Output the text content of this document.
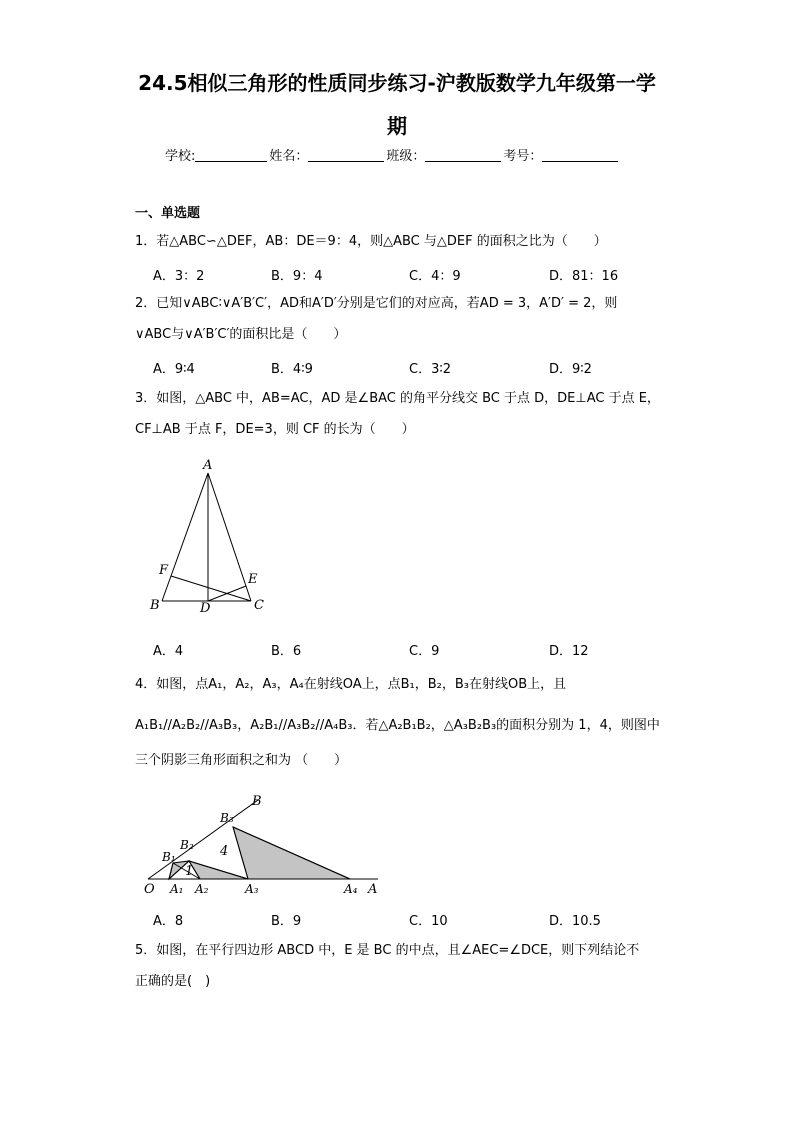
24.5相似三角形的性质同步练习-沪教版数学九年级第一学
期
学校:	姓名：	班级：	考号：
一、单选题
1．若△ABC∽△DEF，AB：DE＝9：4，则△ABC 与△DEF 的面积之比为（　　）
A．3：2	B．9：4	C．4：9	D．81：16
2．已知∨ABC∶∨A′B′C′，AD和A′D′分别是它们的对应高，若AD = 3，A′D′ = 2，则
∨ABC与∨A′B′C′的面积比是（　　）
A．9∶4	B．4∶9	C．3∶2	D．9∶2
3．如图，△ABC 中，AB=AC，AD 是∠BAC 的角平分线交 BC 于点 D，DE⊥AC 于点 E，
CF⊥AB 于点 F，DE=3，则 CF 的长为（　　）
A
B	C
D
E
F
A．4	B．6	C．9	D．12
4．如图，点A₁，A₂，A₃，A₄在射线OA上，点B₁，B₂，B₃在射线OB上，且
A₁B₁//A₂B₂//A₃B₃，A₂B₁//A₃B₂//A₄B₃．若△A₂B₁B₂，△A₃B₂B₃的面积分别为 1，4，则图中
三个阴影三角形面积之和为 （　　）
O A₁ A₂	A₃	A₄ A
B₁
B₂
B₃
B
1
4
A．8	B．9	C．10	D．10.5
5．如图，在平行四边形 ABCD 中，E 是 BC 的中点，且∠AEC=∠DCE，则下列结论不
正确的是(　)
